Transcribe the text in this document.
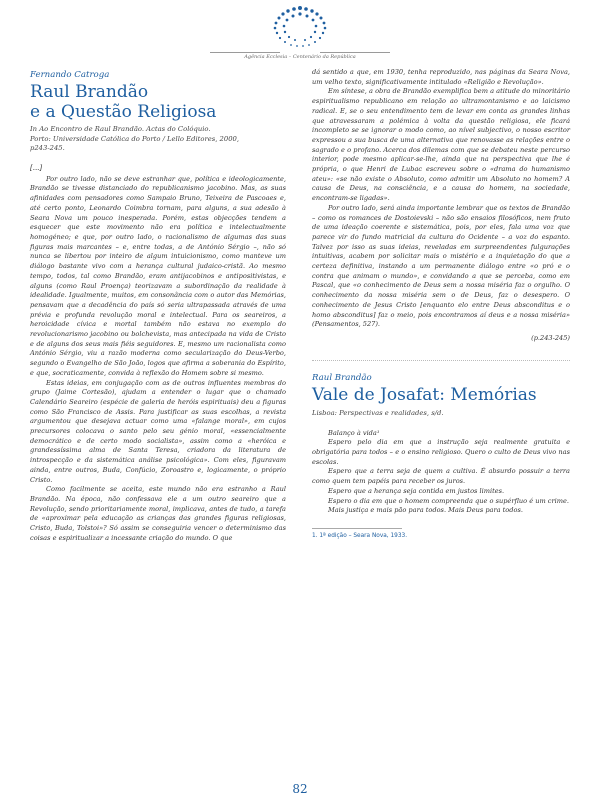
Agência Ecclesia – Centenário da República

Fernando Catroga

Raul Brandão
e a Questão Religiosa

In Ao Encontro de Raul Brandão. Actas do Colóquio.

Porto: Universidade Católica do Porto / Lello Editores, 2000,

p243-245.

[...]

Por outro lado, não se deve estranhar que, política e ideologicamente, Brandão se tivesse distanciado do republicanismo jacobino. Mas, as suas afinidades com pensadores como Sampaio Bruno, Teixeira de Pascoaes e, até certo ponto, Leonardo Coimbra tornam, para alguns, a sua adesão à Seara Nova um pouco inesperada. Porém, estas objecções tendem a esquecer que este movimento não era política e intelectualmente homogéneo; e que, por outro lado, o racionalismo de algumas das suas figuras mais marcantes – e, entre todas, a de António Sérgio –, não só nunca se libertou por inteiro de algum intuicionismo, como manteve um diálogo bastante vivo com a herança cultural judaico-cristã. Ao mesmo tempo, todos, tal como Brandão, eram antijacobinos e antipositivistas, e alguns (como Raul Proença) teorizavam a subordinação da realidade à idealidade. Igualmente, muitos, em consonância com o autor das Memórias, pensavam que a decadência do país só seria ultrapassada através de uma prévia e profunda revolução moral e intelectual. Para os seareiros, a heroicidade cívica e mortal também não estava no exemplo do revolucionarismo jacobino ou bolchevista, mas antecipada na vida de Cristo e de alguns dos seus mais fiéis seguidores. E, mesmo um racionalista como António Sérgio, viu a razão moderna como secularização do Deus-Verbo, segundo o Evangelho de São João, logos que afirma a soberania do Espírito, e que, socraticamente, convida à reflexão do Homem sobre si mesmo.

Estas ideias, em conjugação com as de outros influentes membros do grupo (Jaime Cortesão), ajudam a entender o lugar que o chamado Calendário Seareiro (espécie de galeria de heróis espirituais) deu a figuras como São Francisco de Assis. Para justificar as suas escolhas, a revista argumentou que desejava actuar como uma «falange moral», em cujos precursores colocava o santo pelo seu génio moral, «essencialmente democrático e de certo modo socialista», assim como a «heróica e grandessíssima alma de Santa Teresa, criadora da literatura de introspecção e da sistemática análise psicológica». Com eles, figuravam ainda, entre outros, Buda, Confúcio, Zoroastro e, logicamente, o próprio Cristo.

Como facilmente se aceita, este mundo não era estranho a Raul Brandão. Na época, não confessava ele a um outro seareiro que a Revolução, sendo prioritariamente moral, implicava, antes de tudo, a tarefa de «aproximar pela educação as crianças das grandes figuras religiosas, Cristo, Buda, Tolstoi»? Só assim se conseguiria vencer o determinismo das coisas e espiritualizar a incessante criação do mundo. O que

dá sentido a que, em 1930, tenha reproduzido, nas páginas da Seara Nova, um velho texto, significativamente intitulado «Religião e Revolução».

Em síntese, a obra de Brandão exemplifica bem a atitude do minoritário espiritualismo republicano em relação ao ultramontanismo e ao laicismo radical. E, se o seu entendimento tem de levar em conta as grandes linhas que atravessaram a polémica à volta da questão religiosa, ele ficará incompleto se se ignorar o modo como, ao nível subjectivo, o nosso escritor expressou a sua busca de uma alternativa que renovasse as relações entre o sagrado e o profano. Acerca dos dilemas com que se debateu neste percurso interior, pode mesmo aplicar-se-lhe, ainda que na perspectiva que lhe é própria, o que Henri de Lubac escreveu sobre o «drama do humanismo ateu»: «se não existe o Absoluto, como admitir um Absoluto no homem? A causa de Deus, na consciência, e a causa do homem, na sociedade, encontram-se ligadas».

Por outro lado, será ainda importante lembrar que os textos de Brandão – como os romances de Dostoievski – não são ensaios filosóficos, nem fruto de uma ideação coerente e sistemática, pois, por eles, fala uma voz que parece vir do fundo matricial da cultura do Ocidente – a voz do espanto. Talvez por isso as suas ideias, reveladas em surpreendentes fulgurações intuitivas, acabem por solicitar mais o mistério e a inquietação do que a certeza definitiva, instando a um permanente diálogo entre «o pró e o contra que animam o mundo», e convidando a que se perceba, como em Pascal, que «o conhecimento de Deus sem a nossa miséria faz o orgulho. O conhecimento da nossa miséria sem o de Deus, faz o desespero. O conhecimento de Jesus Cristo [enquanto elo entre Deus absconditus e o homo absconditus] faz o meio, pois encontramos aí deus e a nossa miséria» (Pensamentos, 527).

(p.243-245)

Raul Brandão

Vale de Josafat: Memórias

Lisboa: Perspectivas e realidades, s/d.

Balanço à vida¹

Espero pelo dia em que a instrução seja realmente gratuita e obrigatória para todos – e o ensino religioso. Quero o culto de Deus vivo nas escolas.

Espero que a terra seja de quem a cultiva. É absurdo possuir a terra como quem tem papéis para receber os juros.

Espero que a herança seja contida em justos limites.

Espero o dia em que o homem compreenda que o supérfluo é um crime.

Mais justiça e mais pão para todos. Mais Deus para todos.

1. 1ª edição – Seara Nova, 1933.

82
